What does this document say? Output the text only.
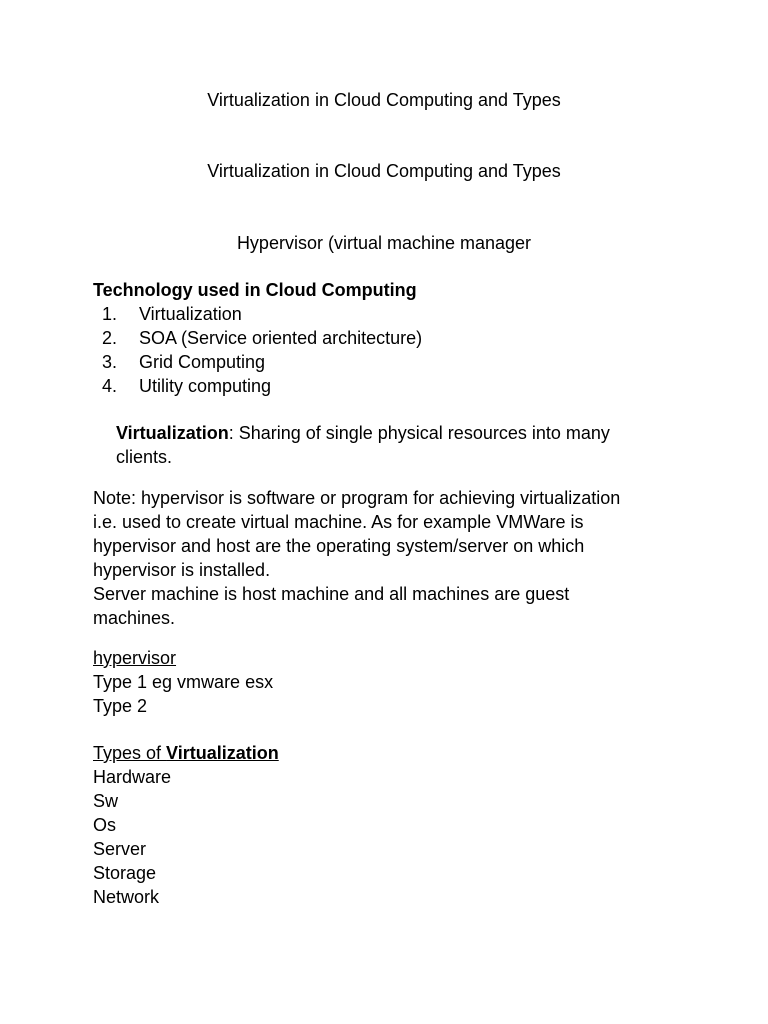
Virtualization in Cloud Computing and Types
Virtualization in Cloud Computing and Types
Hypervisor (virtual machine manager
Technology used in Cloud Computing
1.	Virtualization
2.	SOA (Service oriented architecture)
3.	Grid Computing
4.	Utility computing
Virtualization: Sharing of single physical resources into many
clients.
Note: hypervisor is software or program for achieving virtualization
i.e. used to create virtual machine. As for example VMWare is
hypervisor and host are the operating system/server on which
hypervisor is installed.
Server machine is host machine and all machines are guest
machines.
hypervisor
Type 1 eg vmware esx
Type 2
Types of Virtualization
Hardware
Sw
Os
Server
Storage
Network
